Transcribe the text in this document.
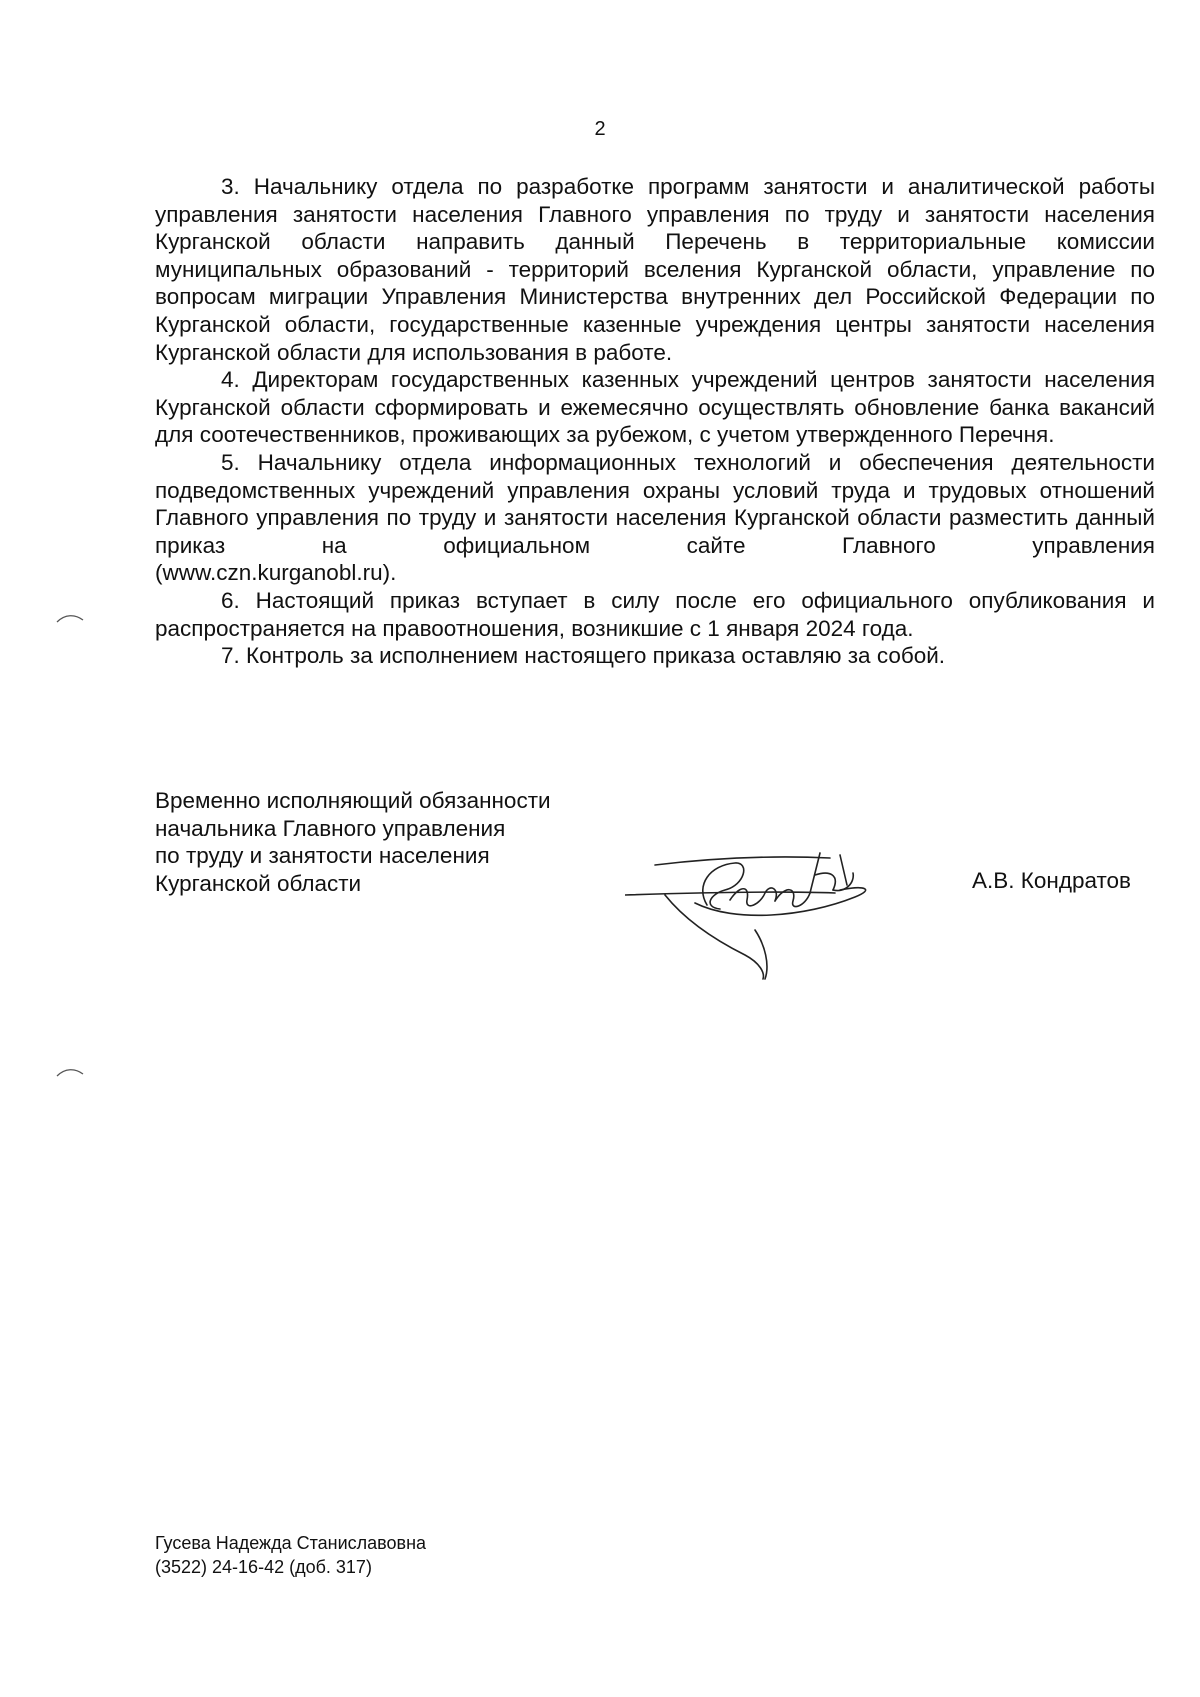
2

3. Начальнику отдела по разработке программ занятости и аналитической работы управления занятости населения Главного управления по труду и занятости населения Курганской области направить данный Перечень в территориальные комиссии муниципальных образований - территорий вселения Курганской области, управление по вопросам миграции Управления Министерства внутренних дел Российской Федерации по Курганской области, государственные казенные учреждения центры занятости населения Курганской области для использования в работе.

4. Директорам государственных казенных учреждений центров занятости населения Курганской области сформировать и ежемесячно осуществлять обновление банка вакансий для соотечественников, проживающих за рубежом, с учетом утвержденного Перечня.

5. Начальнику отдела информационных технологий и обеспечения деятельности подведомственных учреждений управления охраны условий труда и трудовых отношений Главного управления по труду и занятости населения Курганской области разместить данный приказ на официальном сайте Главного управления

(www.czn.kurganobl.ru).

6. Настоящий приказ вступает в силу после его официального опубликования и распространяется на правоотношения, возникшие с 1 января 2024 года.

7. Контроль за исполнением настоящего приказа оставляю за собой.

Временно исполняющий обязанности
начальника Главного управления
по труду и занятости населения
Курганской области	А.В. Кондратов
Гусева Надежда Станиславовна
(3522) 24-16-42 (доб. 317)
